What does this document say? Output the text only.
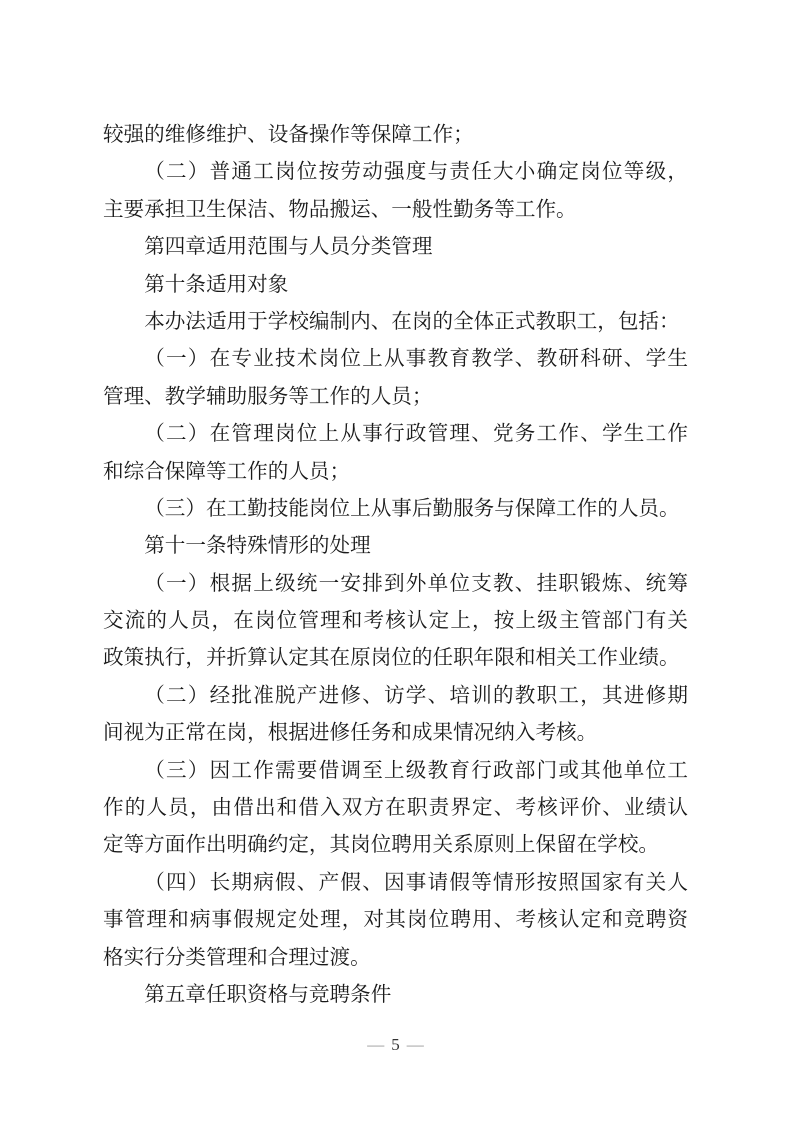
较强的维修维护、设备操作等保障工作；
（二）普通工岗位按劳动强度与责任大小确定岗位等级，
主要承担卫生保洁、物品搬运、一般性勤务等工作。
第四章适用范围与人员分类管理
第十条适用对象
本办法适用于学校编制内、在岗的全体正式教职工，包括：
（一）在专业技术岗位上从事教育教学、教研科研、学生
管理、教学辅助服务等工作的人员；
（二）在管理岗位上从事行政管理、党务工作、学生工作
和综合保障等工作的人员；
（三）在工勤技能岗位上从事后勤服务与保障工作的人员。
第十一条特殊情形的处理
（一）根据上级统一安排到外单位支教、挂职锻炼、统筹
交流的人员，在岗位管理和考核认定上，按上级主管部门有关
政策执行，并折算认定其在原岗位的任职年限和相关工作业绩。
（二）经批准脱产进修、访学、培训的教职工，其进修期
间视为正常在岗，根据进修任务和成果情况纳入考核。
（三）因工作需要借调至上级教育行政部门或其他单位工
作的人员，由借出和借入双方在职责界定、考核评价、业绩认
定等方面作出明确约定，其岗位聘用关系原则上保留在学校。
（四）长期病假、产假、因事请假等情形按照国家有关人
事管理和病事假规定处理，对其岗位聘用、考核认定和竞聘资
格实行分类管理和合理过渡。
第五章任职资格与竞聘条件
— 5 —
